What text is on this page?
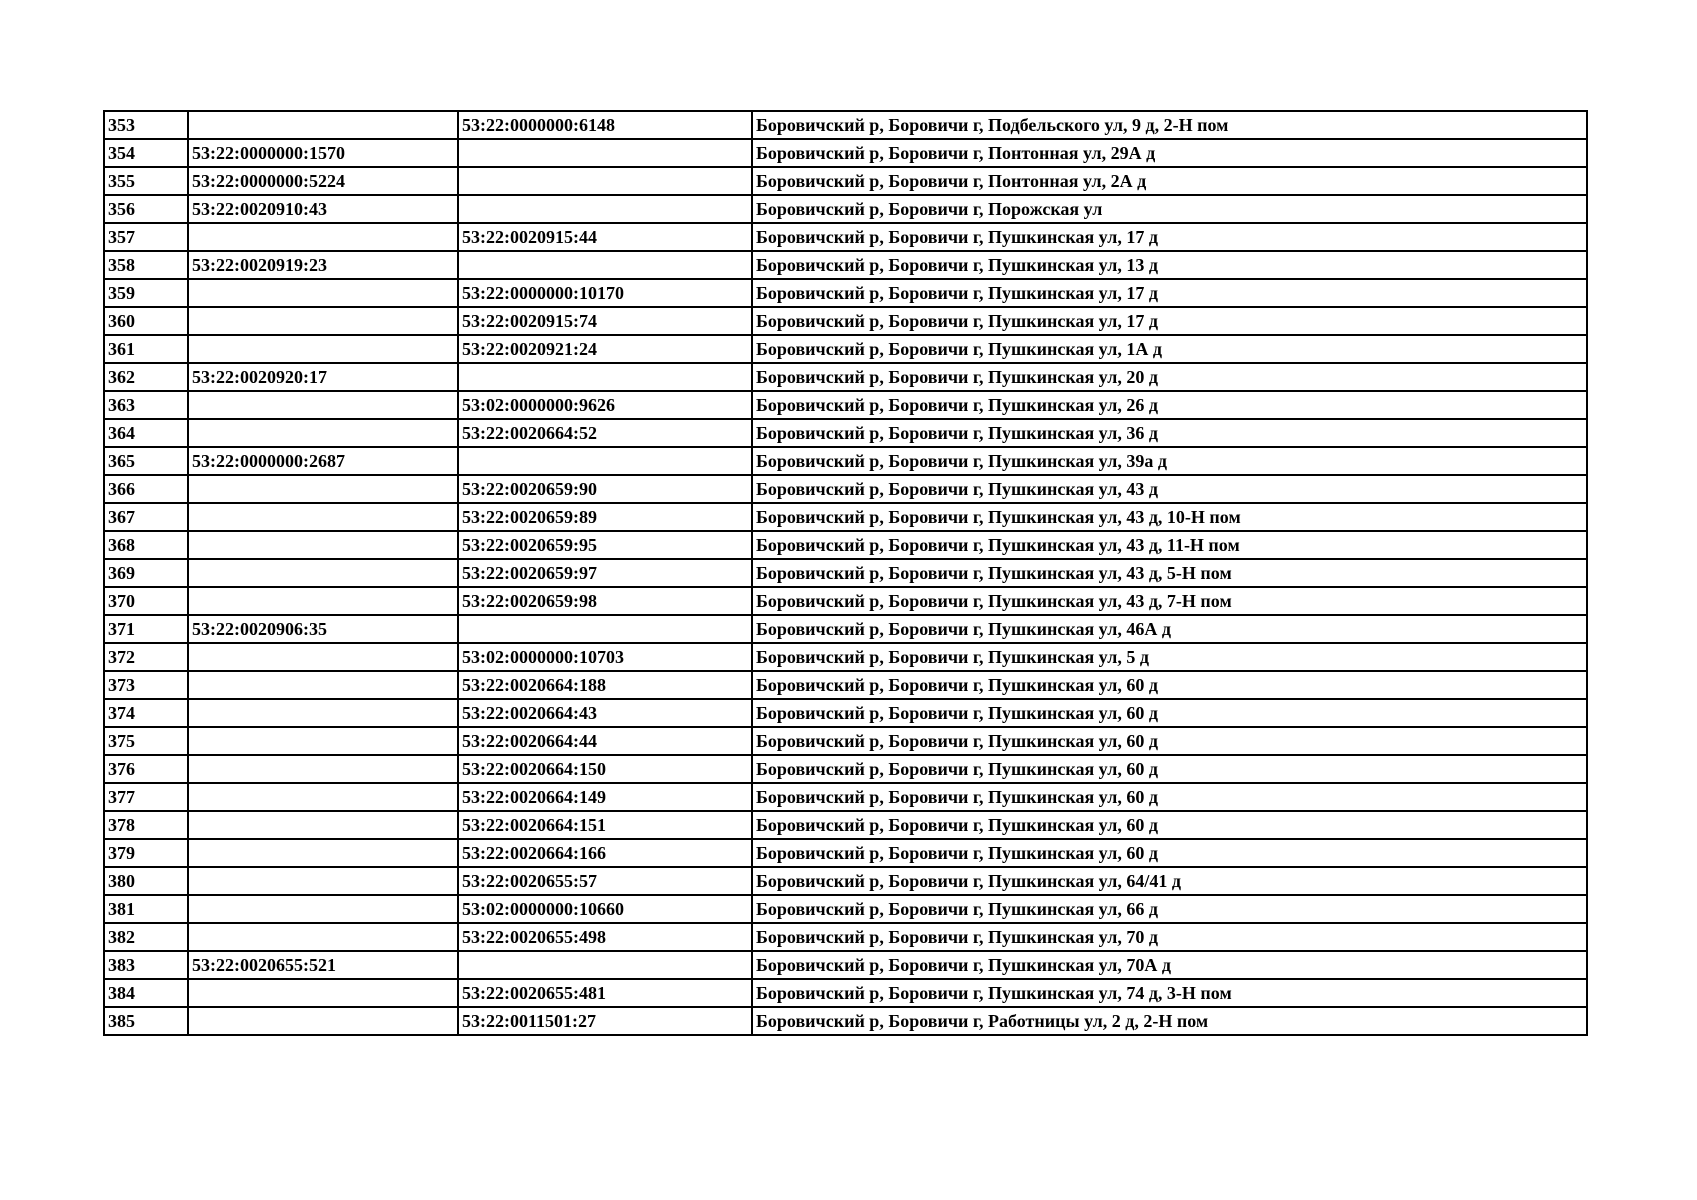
353		53:22:0000000:6148	Боровичский р, Боровичи г, Подбельского ул, 9 д, 2-Н пом
354	53:22:0000000:1570		Боровичский р, Боровичи г, Понтонная ул, 29А д
355	53:22:0000000:5224		Боровичский р, Боровичи г, Понтонная ул, 2А д
356	53:22:0020910:43		Боровичский р, Боровичи г, Порожская ул
357		53:22:0020915:44	Боровичский р, Боровичи г, Пушкинская ул, 17 д
358	53:22:0020919:23		Боровичский р, Боровичи г, Пушкинская ул, 13 д
359		53:22:0000000:10170	Боровичский р, Боровичи г, Пушкинская ул, 17 д
360		53:22:0020915:74	Боровичский р, Боровичи г, Пушкинская ул, 17 д
361		53:22:0020921:24	Боровичский р, Боровичи г, Пушкинская ул, 1А д
362	53:22:0020920:17		Боровичский р, Боровичи г, Пушкинская ул, 20 д
363		53:02:0000000:9626	Боровичский р, Боровичи г, Пушкинская ул, 26 д
364		53:22:0020664:52	Боровичский р, Боровичи г, Пушкинская ул, 36 д
365	53:22:0000000:2687		Боровичский р, Боровичи г, Пушкинская ул, 39а д
366		53:22:0020659:90	Боровичский р, Боровичи г, Пушкинская ул, 43 д
367		53:22:0020659:89	Боровичский р, Боровичи г, Пушкинская ул, 43 д, 10-Н пом
368		53:22:0020659:95	Боровичский р, Боровичи г, Пушкинская ул, 43 д, 11-Н пом
369		53:22:0020659:97	Боровичский р, Боровичи г, Пушкинская ул, 43 д, 5-Н пом
370		53:22:0020659:98	Боровичский р, Боровичи г, Пушкинская ул, 43 д, 7-Н пом
371	53:22:0020906:35		Боровичский р, Боровичи г, Пушкинская ул, 46А д
372		53:02:0000000:10703	Боровичский р, Боровичи г, Пушкинская ул, 5 д
373		53:22:0020664:188	Боровичский р, Боровичи г, Пушкинская ул, 60 д
374		53:22:0020664:43	Боровичский р, Боровичи г, Пушкинская ул, 60 д
375		53:22:0020664:44	Боровичский р, Боровичи г, Пушкинская ул, 60 д
376		53:22:0020664:150	Боровичский р, Боровичи г, Пушкинская ул, 60 д
377		53:22:0020664:149	Боровичский р, Боровичи г, Пушкинская ул, 60 д
378		53:22:0020664:151	Боровичский р, Боровичи г, Пушкинская ул, 60 д
379		53:22:0020664:166	Боровичский р, Боровичи г, Пушкинская ул, 60 д
380		53:22:0020655:57	Боровичский р, Боровичи г, Пушкинская ул, 64/41 д
381		53:02:0000000:10660	Боровичский р, Боровичи г, Пушкинская ул, 66 д
382		53:22:0020655:498	Боровичский р, Боровичи г, Пушкинская ул, 70 д
383	53:22:0020655:521		Боровичский р, Боровичи г, Пушкинская ул, 70А д
384		53:22:0020655:481	Боровичский р, Боровичи г, Пушкинская ул, 74 д, 3-Н пом
385		53:22:0011501:27	Боровичский р, Боровичи г, Работницы ул, 2 д, 2-Н пом
